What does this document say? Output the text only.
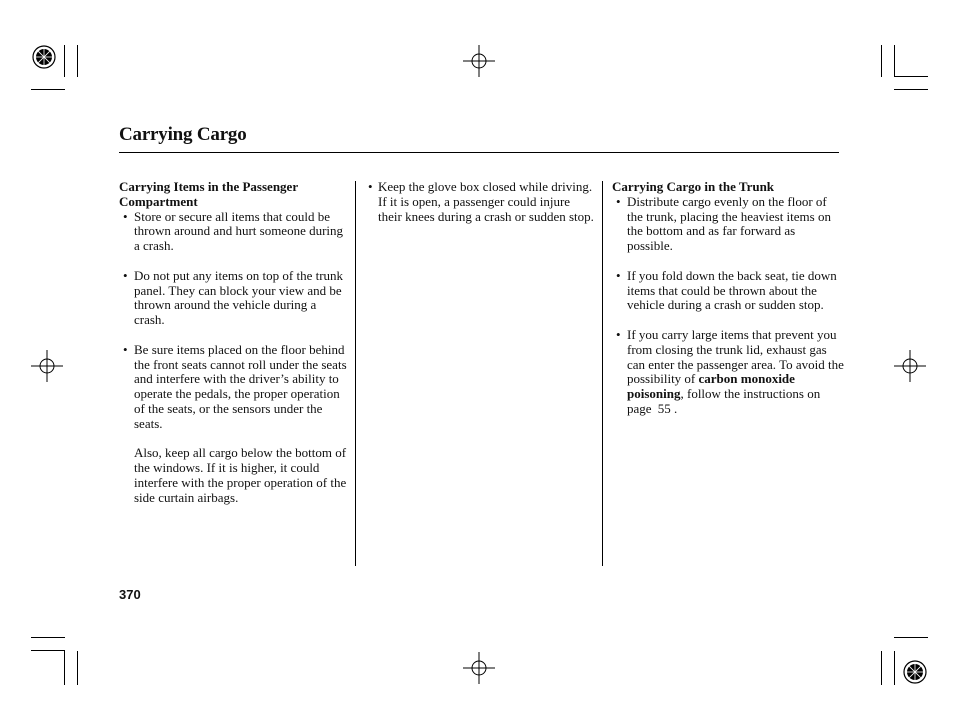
Carrying Cargo

Carrying Items in the Passenger Compartment

• Store or secure all items that could be thrown around and hurt someone during a crash.
• Do not put any items on top of the trunk panel. They can block your view and be thrown around the vehicle during a crash.
• Be sure items placed on the floor behind the front seats cannot roll under the seats and interfere with the driver’s ability to operate the pedals, the proper operation of the seats, or the sensors under the seats.

Also, keep all cargo below the bottom of the windows. If it is higher, it could interfere with the proper operation of the side curtain airbags.

• Keep the glove box closed while driving. If it is open, a passenger could injure their knees during a crash or sudden stop.

Carrying Cargo in the Trunk

• Distribute cargo evenly on the floor of the trunk, placing the heaviest items on the bottom and as far forward as possible.
• If you fold down the back seat, tie down items that could be thrown about the vehicle during a crash or sudden stop.
• If you carry large items that prevent you from closing the trunk lid, exhaust gas can enter the passenger area. To avoid the possibility of carbon monoxide poisoning, follow the instructions on page 55 .
370
